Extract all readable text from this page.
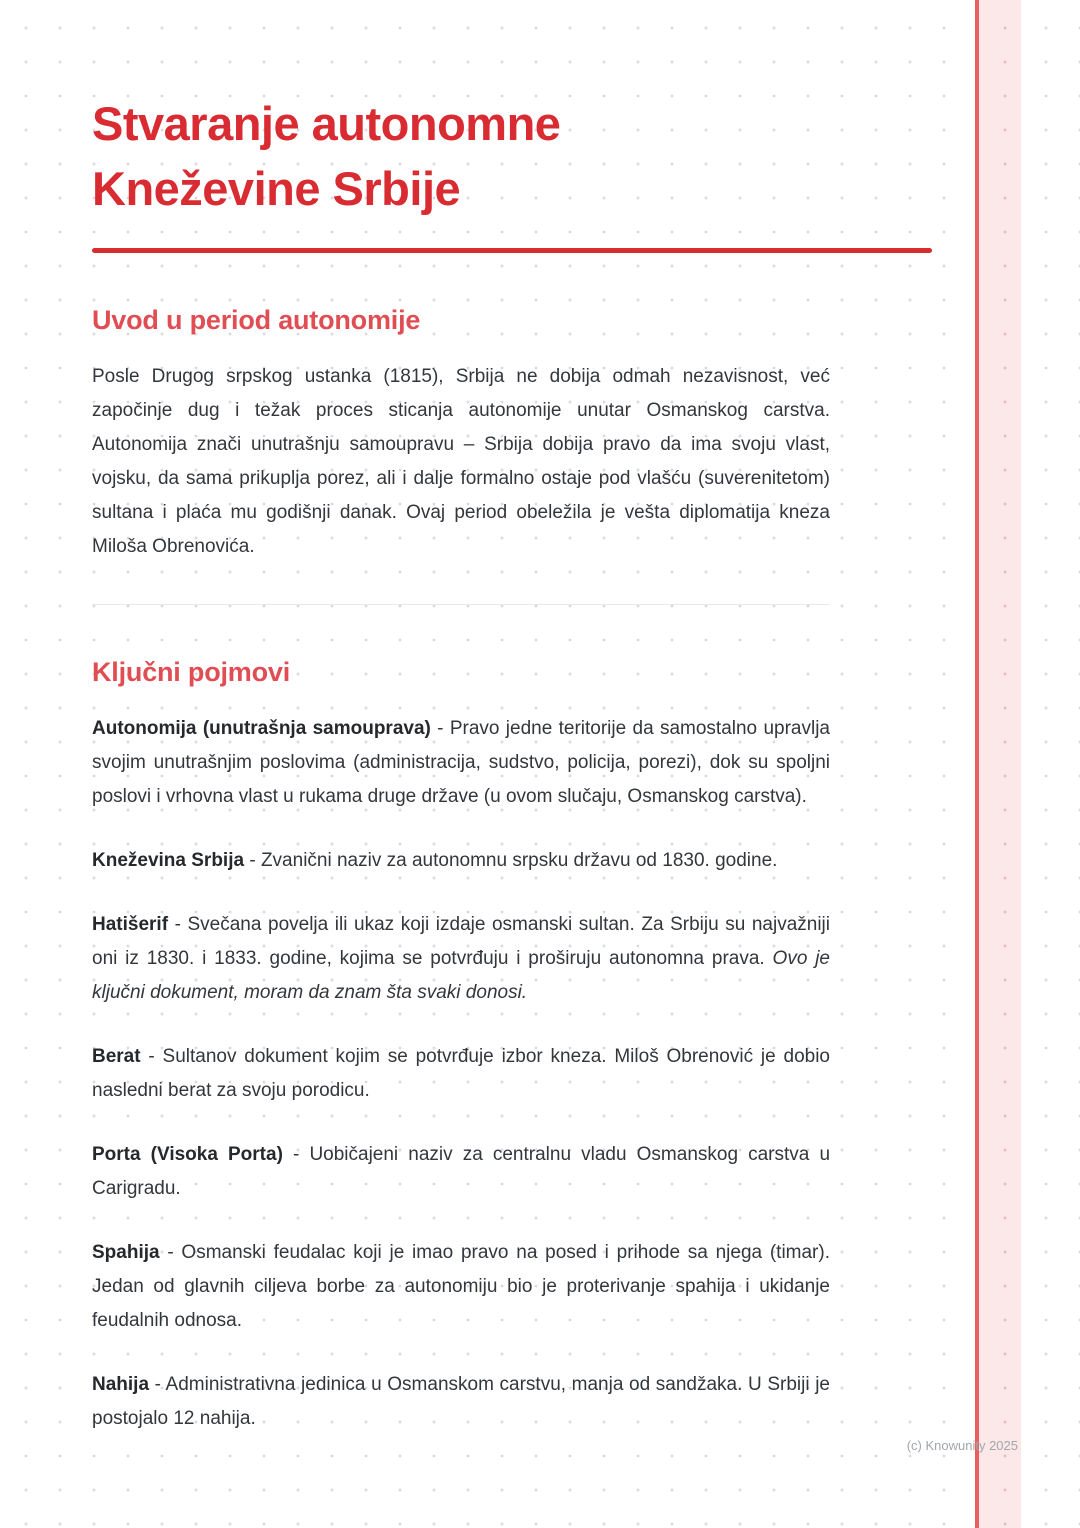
Stvaranje autonomne
Kneževine Srbije
Uvod u period autonomije

Posle Drugog srpskog ustanka (1815), Srbija ne dobija odmah nezavisnost, već započinje dug i težak proces sticanja autonomije unutar Osmanskog carstva. Autonomija znači unutrašnju samoupravu – Srbija dobija pravo da ima svoju vlast, vojsku, da sama prikuplja porez, ali i dalje formalno ostaje pod vlašću (suverenitetom) sultana i plaća mu godišnji danak. Ovaj period obeležila je vešta diplomatija kneza Miloša Obrenovića.

Ključni pojmovi

Autonomija (unutrašnja samouprava) - Pravo jedne teritorije da samostalno upravlja svojim unutrašnjim poslovima (administracija, sudstvo, policija, porezi), dok su spoljni poslovi i vrhovna vlast u rukama druge države (u ovom slučaju, Osmanskog carstva).

Kneževina Srbija - Zvanični naziv za autonomnu srpsku državu od 1830. godine.

Hatišerif - Svečana povelja ili ukaz koji izdaje osmanski sultan. Za Srbiju su najvažniji oni iz 1830. i 1833. godine, kojima se potvrđuju i proširuju autonomna prava. Ovo je ključni dokument, moram da znam šta svaki donosi.

Berat - Sultanov dokument kojim se potvrđuje izbor kneza. Miloš Obrenović je dobio nasledni berat za svoju porodicu.

Porta (Visoka Porta) - Uobičajeni naziv za centralnu vladu Osmanskog carstva u Carigradu.

Spahija - Osmanski feudalac koji je imao pravo na posed i prihode sa njega (timar). Jedan od glavnih ciljeva borbe za autonomiju bio je proterivanje spahija i ukidanje feudalnih odnosa.

Nahija - Administrativna jedinica u Osmanskom carstvu, manja od sandžaka. U Srbiji je postojalo 12 nahija.

(c) Knowunity 2025
